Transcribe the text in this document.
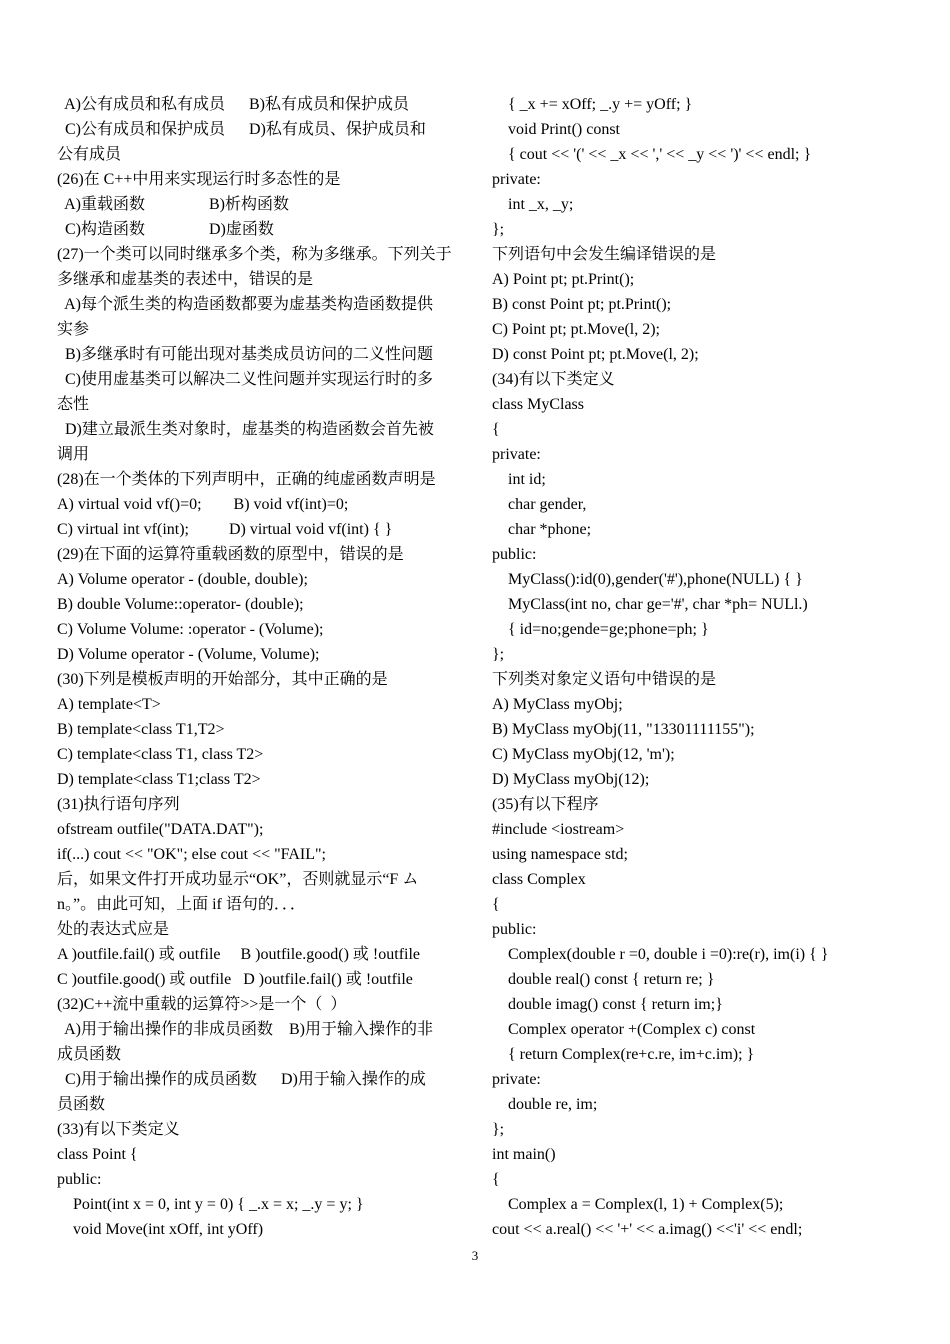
A)公有成员和私有成员      B)私有成员和保护成员
C)公有成员和保护成员      D)私有成员、保护成员和
公有成员
(26)在 C++中用来实现运行时多态性的是
A)重载函数                B)析构函数
C)构造函数                D)虚函数
(27)一个类可以同时继承多个类，称为多继承。下列关于
多继承和虚基类的表述中，错误的是
A)每个派生类的构造函数都要为虚基类构造函数提供
实参
B)多继承时有可能出现对基类成员访问的二义性问题
C)使用虚基类可以解决二义性问题并实现运行时的多
态性
D)建立最派生类对象时，虚基类的构造函数会首先被
调用
(28)在一个类体的下列声明中，正确的纯虚函数声明是
A) virtual void vf()=0;        B) void vf(int)=0;
C) virtual int vf(int);          D) virtual void vf(int) { }
(29)在下面的运算符重载函数的原型中，错误的是
A) Volume operator - (double, double);
B) double Volume::operator- (double);
C) Volume Volume: :operator - (Volume);
D) Volume operator - (Volume, Volume);
(30)下列是模板声明的开始部分，其中正确的是
A) template<T>
B) template<class T1,T2>
C) template<class T1, class T2>
D) template<class T1;class T2>
(31)执行语句序列
ofstream outfile("DATA.DAT");
if(...) cout << "OK"; else cout << "FAIL";
后，如果文件打开成功显示“OK”，否则就显示“F ム
n。”。由此可知，上面 if 语句的．．．
处的表达式应是
A )outfile.fail() 或 outfile     B )outfile.good() 或 !outfile
C )outfile.good() 或 outfile   D )outfile.fail() 或 !outfile
(32)C++流中重载的运算符>>是一个（  ）
A)用于输出操作的非成员函数    B)用于输入操作的非
成员函数
C)用于输出操作的成员函数      D)用于输入操作的成
员函数
(33)有以下类定义
class Point {
public:
Point(int x = 0, int y = 0) { _.x = x; _.y = y; }
void Move(int xOff, int yOff)
{ _x += xOff; _.y += yOff; }
void Print() const
{ cout << '(' << _x << ',' << _y << ')' << endl; }
private:
int _x, _y;
};
下列语句中会发生编译错误的是
A) Point pt; pt.Print();
B) const Point pt; pt.Print();
C) Point pt; pt.Move(l, 2);
D) const Point pt; pt.Move(l, 2);
(34)有以下类定义
class MyClass
{
private:
int id;
char gender,
char *phone;
public:
MyClass():id(0),gender('#'),phone(NULL) { }
MyClass(int no, char ge='#', char *ph= NULl.)
{ id=no;gende=ge;phone=ph; }
};
下列类对象定义语句中错误的是
A) MyClass myObj;
B) MyClass myObj(11, "13301111155");
C) MyClass myObj(12, 'm');
D) MyClass myObj(12);
(35)有以下程序
#include <iostream>
using namespace std;
class Complex
{
public:
Complex(double r =0, double i =0):re(r), im(i) { }
double real() const { return re; }
double imag() const { return im;}
Complex operator +(Complex c) const
{ return Complex(re+c.re, im+c.im); }
private:
double re, im;
};
int main()
{
Complex a = Complex(l, 1) + Complex(5);
cout << a.real() << '+' << a.imag() <<'i' << endl;
3
